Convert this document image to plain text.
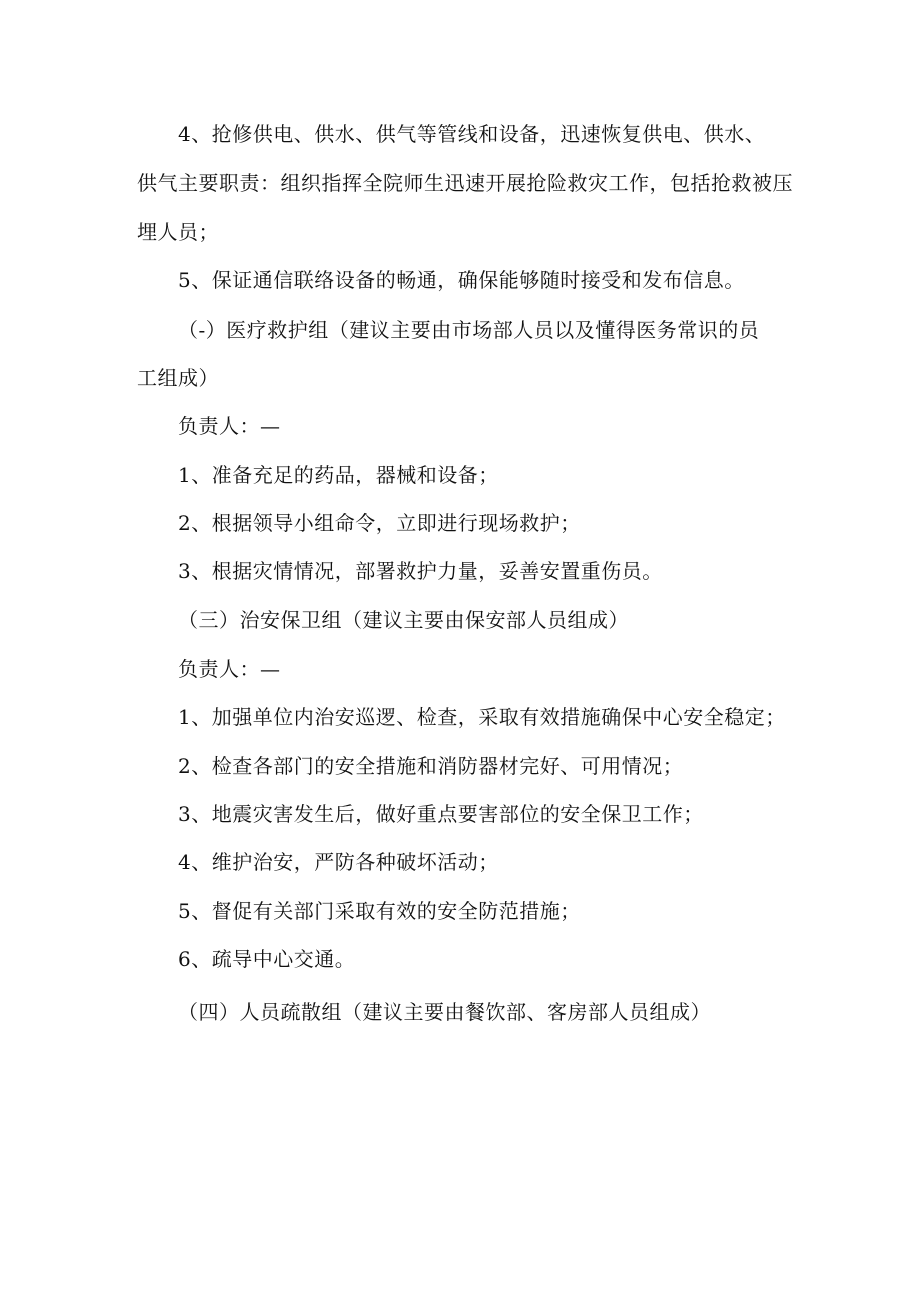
4、抢修供电、供水、供气等管线和设备，迅速恢复供电、供水、
供气主要职责：组织指挥全院师生迅速开展抢险救灾工作，包括抢救被压
埋人员；
5、保证通信联络设备的畅通，确保能够随时接受和发布信息。
（-）医疗救护组（建议主要由市场部人员以及懂得医务常识的员
工组成）
负责人：—
1、准备充足的药品，器械和设备；
2、根据领导小组命令，立即进行现场救护；
3、根据灾情情况，部署救护力量，妥善安置重伤员。
（三）治安保卫组（建议主要由保安部人员组成）
负责人：—
1、加强单位内治安巡逻、检查，采取有效措施确保中心安全稳定；
2、检查各部门的安全措施和消防器材完好、可用情况；
3、地震灾害发生后，做好重点要害部位的安全保卫工作；
4、维护治安，严防各种破坏活动；
5、督促有关部门采取有效的安全防范措施；
6、疏导中心交通。
（四）人员疏散组（建议主要由餐饮部、客房部人员组成）
